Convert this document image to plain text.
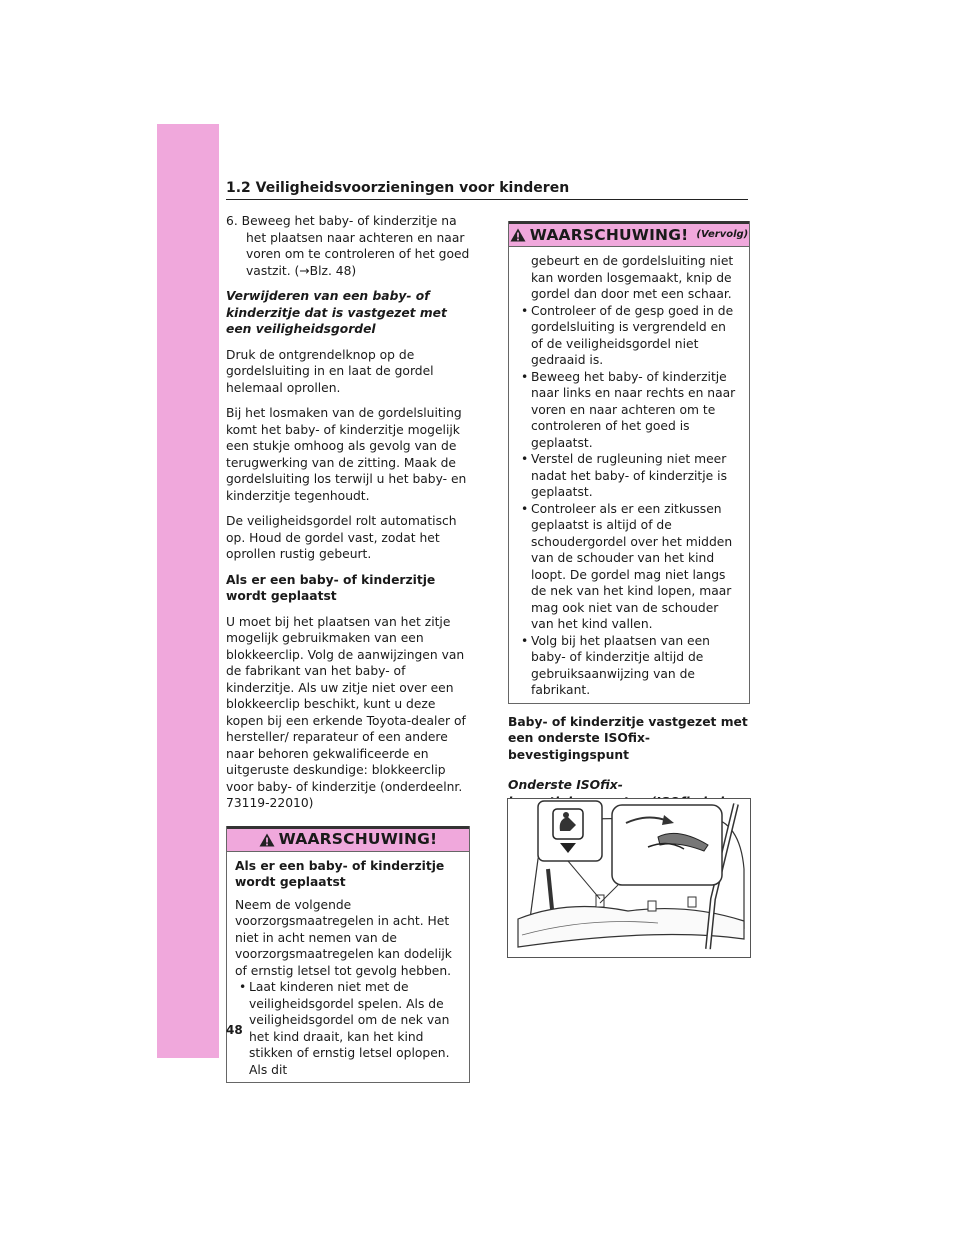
1.2 Veiligheidsvoorzieningen voor kinderen
6. Beweeg het baby- of kinderzitje na het plaatsen naar achteren en naar voren om te controleren of het goed vastzit. (→Blz. 48)
Verwijderen van een baby- of kinderzitje dat is vastgezet met een veiligheidsgordel

Druk de ontgrendelknop op de gordelsluiting in en laat de gordel helemaal oprollen.

Bij het losmaken van de gordelsluiting komt het baby- of kinderzitje mogelijk een stukje omhoog als gevolg van de terugwerking van de zitting. Maak de gordelsluiting los terwijl u het baby- en kinderzitje tegenhoudt.

De veiligheidsgordel rolt automatisch op. Houd de gordel vast, zodat het oprollen rustig gebeurt.

Als er een baby- of kinderzitje wordt geplaatst

U moet bij het plaatsen van het zitje mogelijk gebruikmaken van een blokkeerclip. Volg de aanwijzingen van de fabrikant van het baby- of kinderzitje. Als uw zitje niet over een blokkeerclip beschikt, kunt u deze kopen bij een erkende Toyota-dealer of hersteller/ reparateur of een andere naar behoren gekwalificeerde en uitgeruste deskundige: blokkeerclip voor baby- of kinderzitje (onderdeelnr. 73119-22010)

WAARSCHUWING!
Als er een baby- of kinderzitje wordt geplaatst

Neem de volgende voorzorgsmaatregelen in acht. Het niet in acht nemen van de voorzorgsmaatregelen kan dodelijk of ernstig letsel tot gevolg hebben.

• Laat kinderen niet met de veiligheidsgordel spelen. Als de veiligheidsgordel om de nek van het kind draait, kan het kind stikken of ernstig letsel oplopen. Als dit

WAARSCHUWING! (Vervolg)

gebeurt en de gordelsluiting niet kan worden losgemaakt, knip de gordel dan door met een schaar.

• Controleer of de gesp goed in de gordelsluiting is vergrendeld en of de veiligheidsgordel niet gedraaid is.

• Beweeg het baby- of kinderzitje naar links en naar rechts en naar voren en naar achteren om te controleren of het goed is geplaatst.

• Verstel de rugleuning niet meer nadat het baby- of kinderzitje is geplaatst.

• Controleer als er een zitkussen geplaatst is altijd of de schoudergordel over het midden van de schouder van het kind loopt. De gordel mag niet langs de nek van het kind lopen, maar mag ook niet van de schouder van het kind vallen.

• Volg bij het plaatsen van een baby- of kinderzitje altijd de gebruiksaanwijzing van de fabrikant.

Baby- of kinderzitje vastgezet met een onderste ISOfix-bevestigingspunt
Onderste ISOfix-

48
